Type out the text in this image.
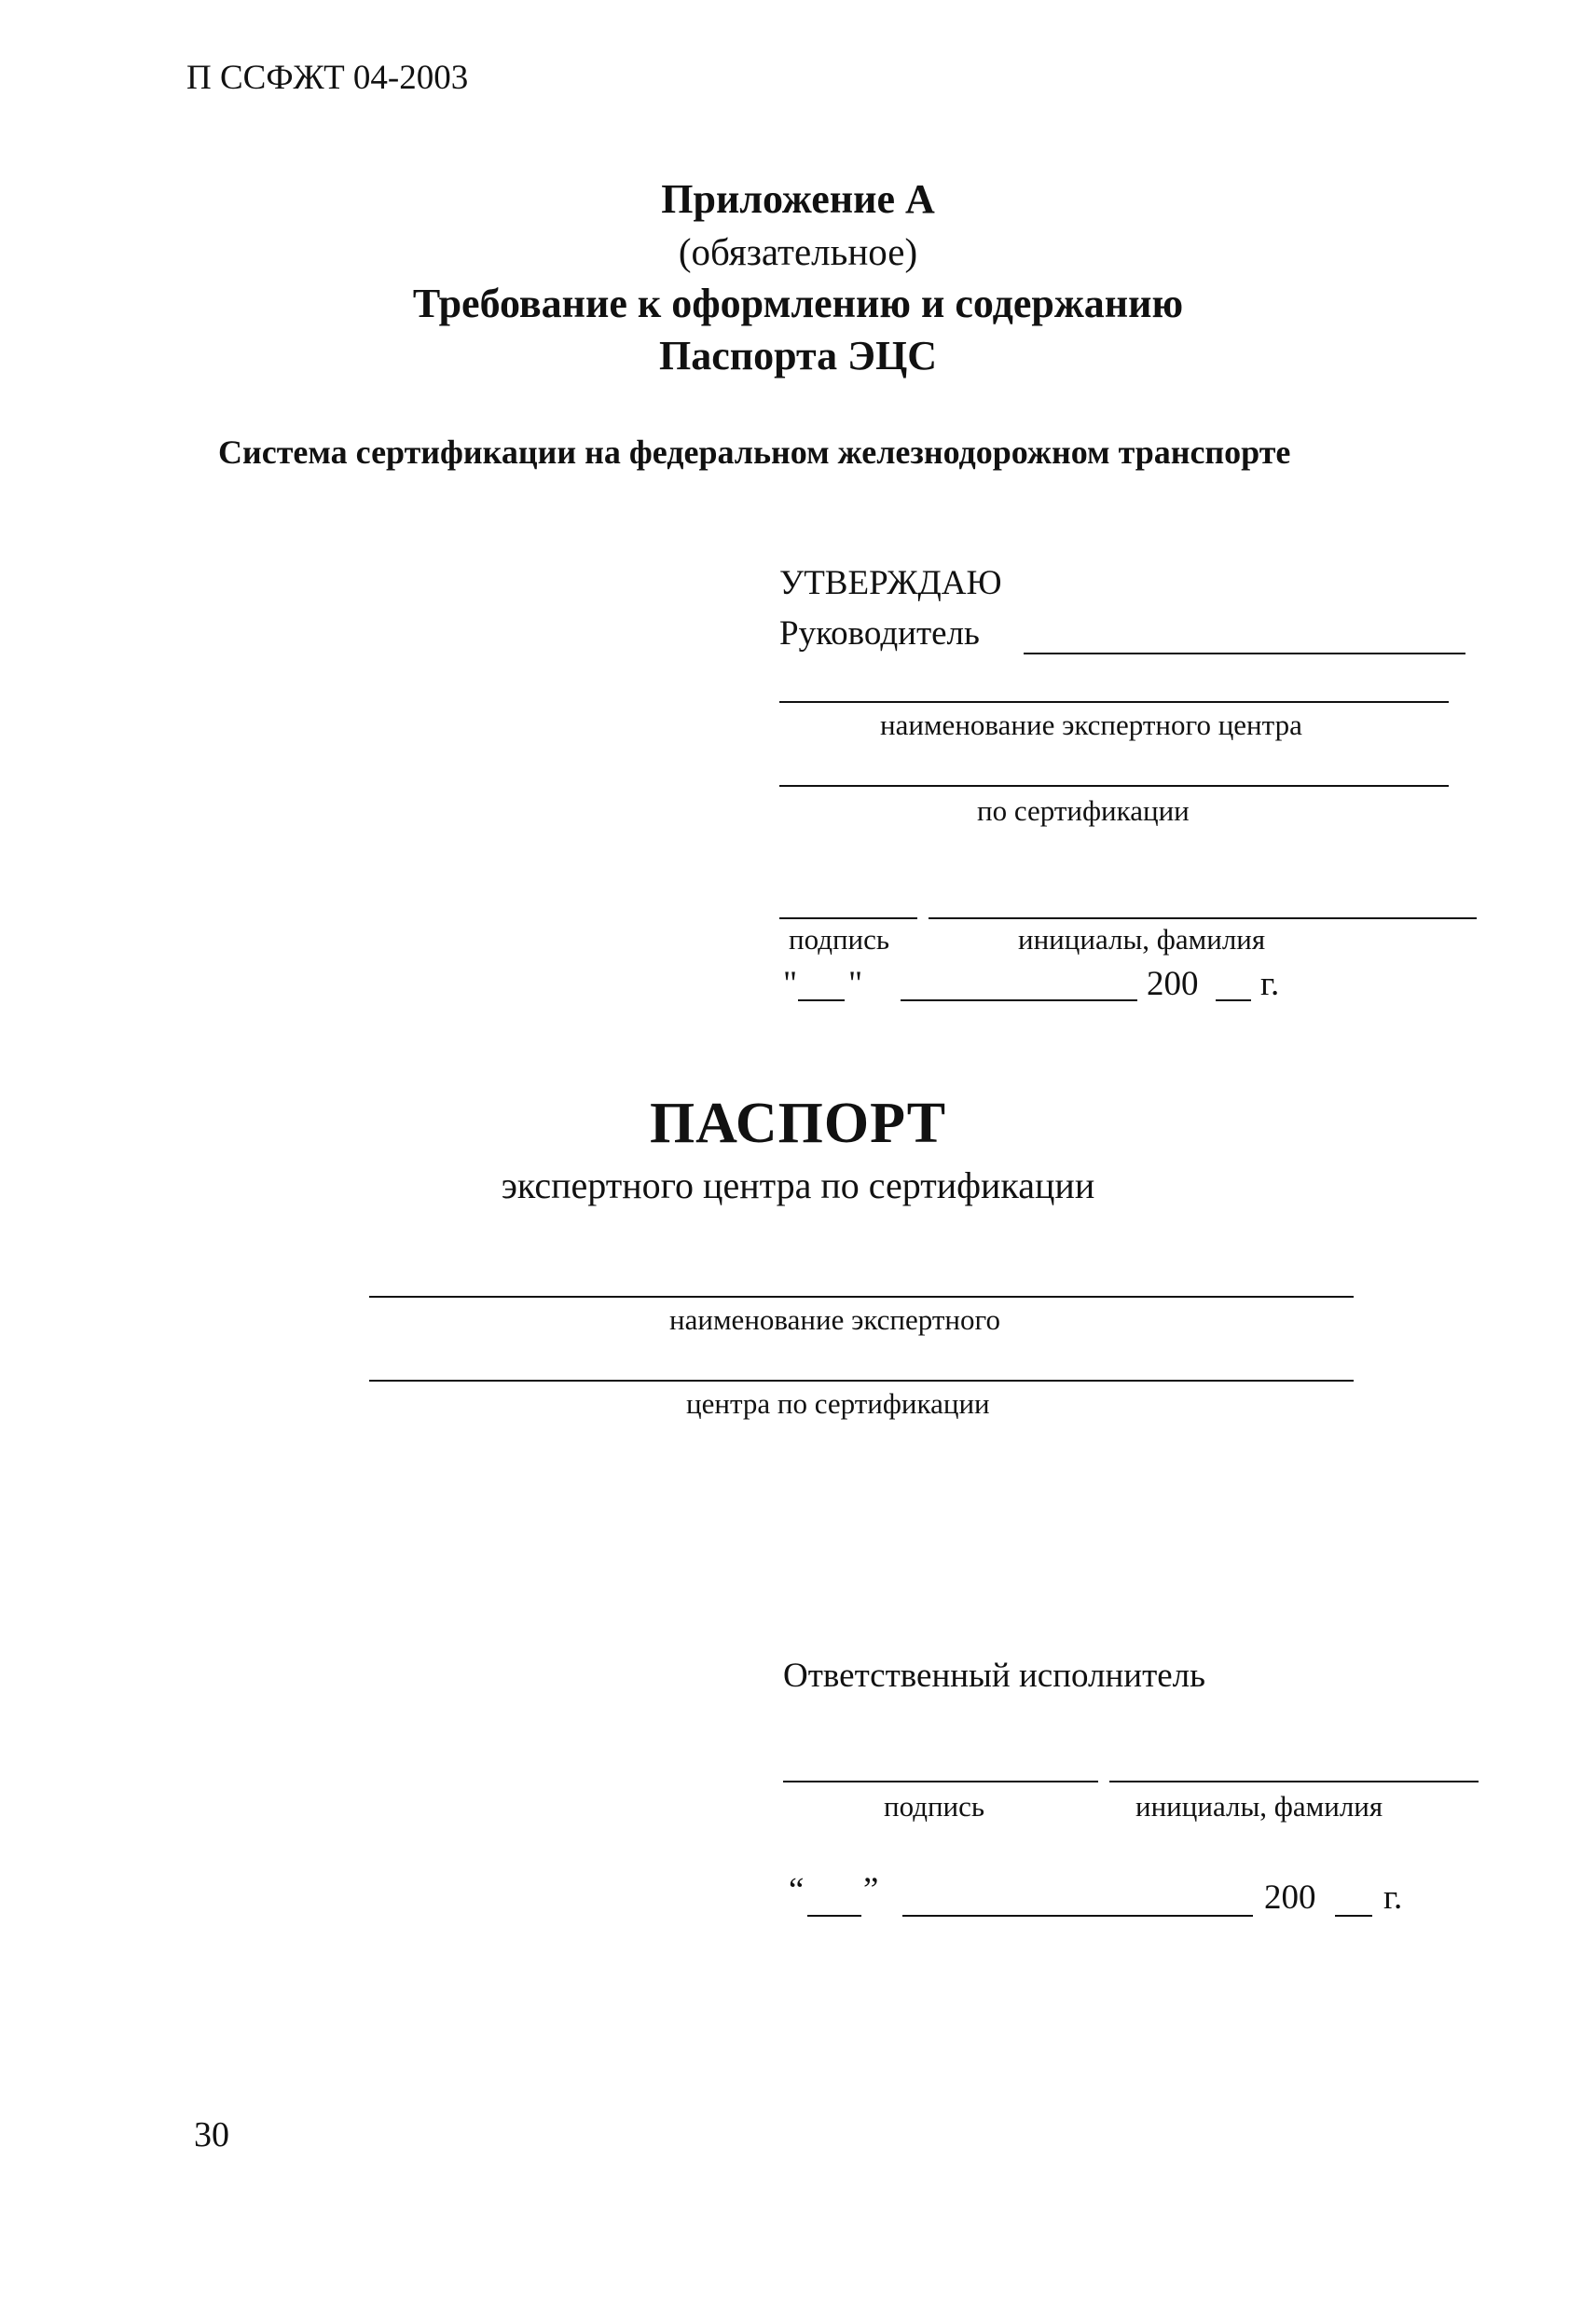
П ССФЖТ 04-2003
Приложение А
(обязательное)
Требование к оформлению и содержанию
Паспорта ЭЦС
Система сертификации на федеральном железнодорожном транспорте
УТВЕРЖДАЮ
Руководитель
наименование экспертного центра
по сертификации
подпись	инициалы, фамилия
" "	200 г.
ПАСПОРТ
экспертного центра по сертификации
наименование экспертного
центра по сертификации
Ответственный исполнитель
подпись	инициалы, фамилия
“ ”	200 г.
30
